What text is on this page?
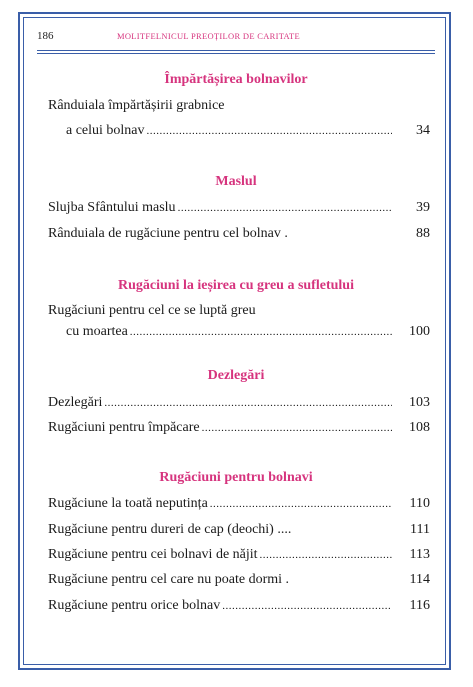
186	MOLITFELNICUL PREOȚILOR DE CARITATE
Împărtășirea bolnavilor
Rânduiala împărtășirii grabnice
a celui bolnav .....	34
Maslul
Slujba Sfântului maslu .....	39
Rânduiala de rugăciune pentru cel bolnav .	88
Rugăciuni la ieșirea cu greu a sufletului
Rugăciuni pentru cel ce se luptă greu
cu moartea .....	100
Dezlegări
Dezlegări .....	103
Rugăciuni pentru împăcare .....	108
Rugăciuni pentru bolnavi
Rugăciune la toată neputința .....	110
Rugăciune pentru dureri de cap (deochi) ....	111
Rugăciune pentru cei bolnavi de năjit .....	113
Rugăciune pentru cel care nu poate dormi .	114
Rugăciune pentru orice bolnav .....	116
